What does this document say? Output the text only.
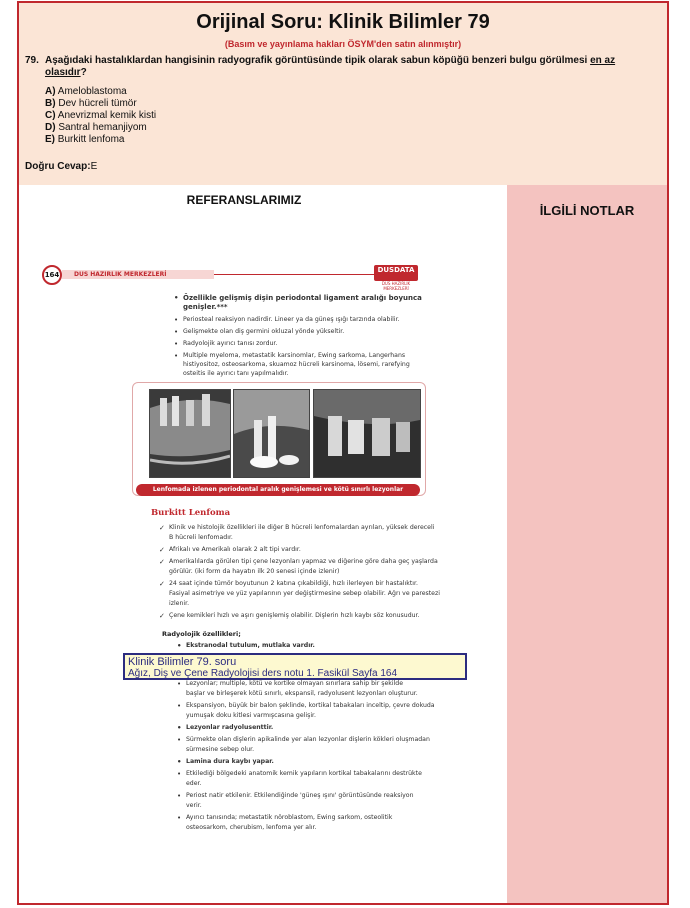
Orijinal Soru: Klinik Bilimler 79
(Basım ve yayınlama hakları ÖSYM'den satın alınmıştır)
79. Aşağıdaki hastalıklardan hangisinin radyografik görüntüsünde tipik olarak sabun köpüğü benzeri bulgu görülmesi en az
olasıdır?
A) Ameloblastoma
B) Dev hücreli tümör
C) Anevrizmal kemik kisti
D) Santral hemanjiyom
E) Burkitt lenfoma
Doğru Cevap:E
İLGİLİ NOTLAR
REFERANSLARIMIZ
164	DUS HAZIRLIK MERKEZLERİ
DUSDATA
DUS HAZIRLIK MERKEZLERİ
• Özellikle gelişmiş dişin periodontal ligament aralığı boyunca
genişler.***
• Periosteal reaksiyon nadirdir. Lineer ya da güneş ışığı tarzında olabilir.
• Gelişmekte olan diş germini okluzal yönde yükseltir.
• Radyolojik ayırıcı tanısı zordur.
• Multiple myeloma, metastatik karsinomlar, Ewing sarkoma, Langerhans
histiyositoz, osteosarkoma, skuamoz hücreli karsinoma, lösemi, rarefying
osteitis ile ayırıcı tanı yapılmalıdır.
Lenfomada izlenen periodontal aralık genişlemesi ve kötü sınırlı lezyonlar
Burkitt Lenfoma
✓ Klinik ve histolojik özellikleri ile diğer B hücreli lenfomalardan ayrılan, yüksek dereceli
B hücreli lenfomadır.
✓ Afrikalı ve Amerikalı olarak 2 alt tipi vardır.
✓ Amerikalılarda görülen tipi çene lezyonları yapmaz ve diğerine göre daha geç yaşlarda
görülür. (iki form da hayatın ilk 20 senesi içinde izlenir)
✓ 24 saat içinde tümör boyutunun 2 katına çıkabildiği, hızlı ilerleyen bir hastalıktır.
Fasiyal asimetriye ve yüz yapılarının yer değiştirmesine sebep olabilir. Ağrı ve parestezi
izlenir.
✓ Çene kemikleri hızlı ve aşırı genişlemiş olabilir. Dişlerin hızlı kaybı söz konusudur.
Radyolojik özellikleri;
• Ekstranodal tutulum, mutlaka vardır.
• Lezyonlar; multiple, kötü ve kortike olmayan sınırlara sahip bir şekilde
başlar ve birleşerek kötü sınırlı, ekspansil, radyolusent lezyonları oluşturur.
• Ekspansiyon, büyük bir balon şeklinde, kortikal tabakaları inceltip, çevre dokuda
yumuşak doku kitlesi varmışcasına gelişir.
• Lezyonlar radyolusenttir.
• Sürmekte olan dişlerin apikalinde yer alan lezyonlar dişlerin kökleri oluşmadan
sürmesine sebep olur.
• Lamina dura kaybı yapar.
• Etkilediği bölgedeki anatomik kemik yapıların kortikal tabakalarını destrükte
eder.
• Periost natir etkilenir. Etkilendiğinde 'güneş ışını' görüntüsünde reaksiyon
verir.
• Ayırıcı tanısında; metastatik nöroblastom, Ewing sarkom, osteolitik
osteosarkom, cherubism, lenfoma yer alır.
Klinik Bilimler 79. soru
Ağız, Diş ve Çene Radyolojisi ders notu 1. Fasikül Sayfa 164
